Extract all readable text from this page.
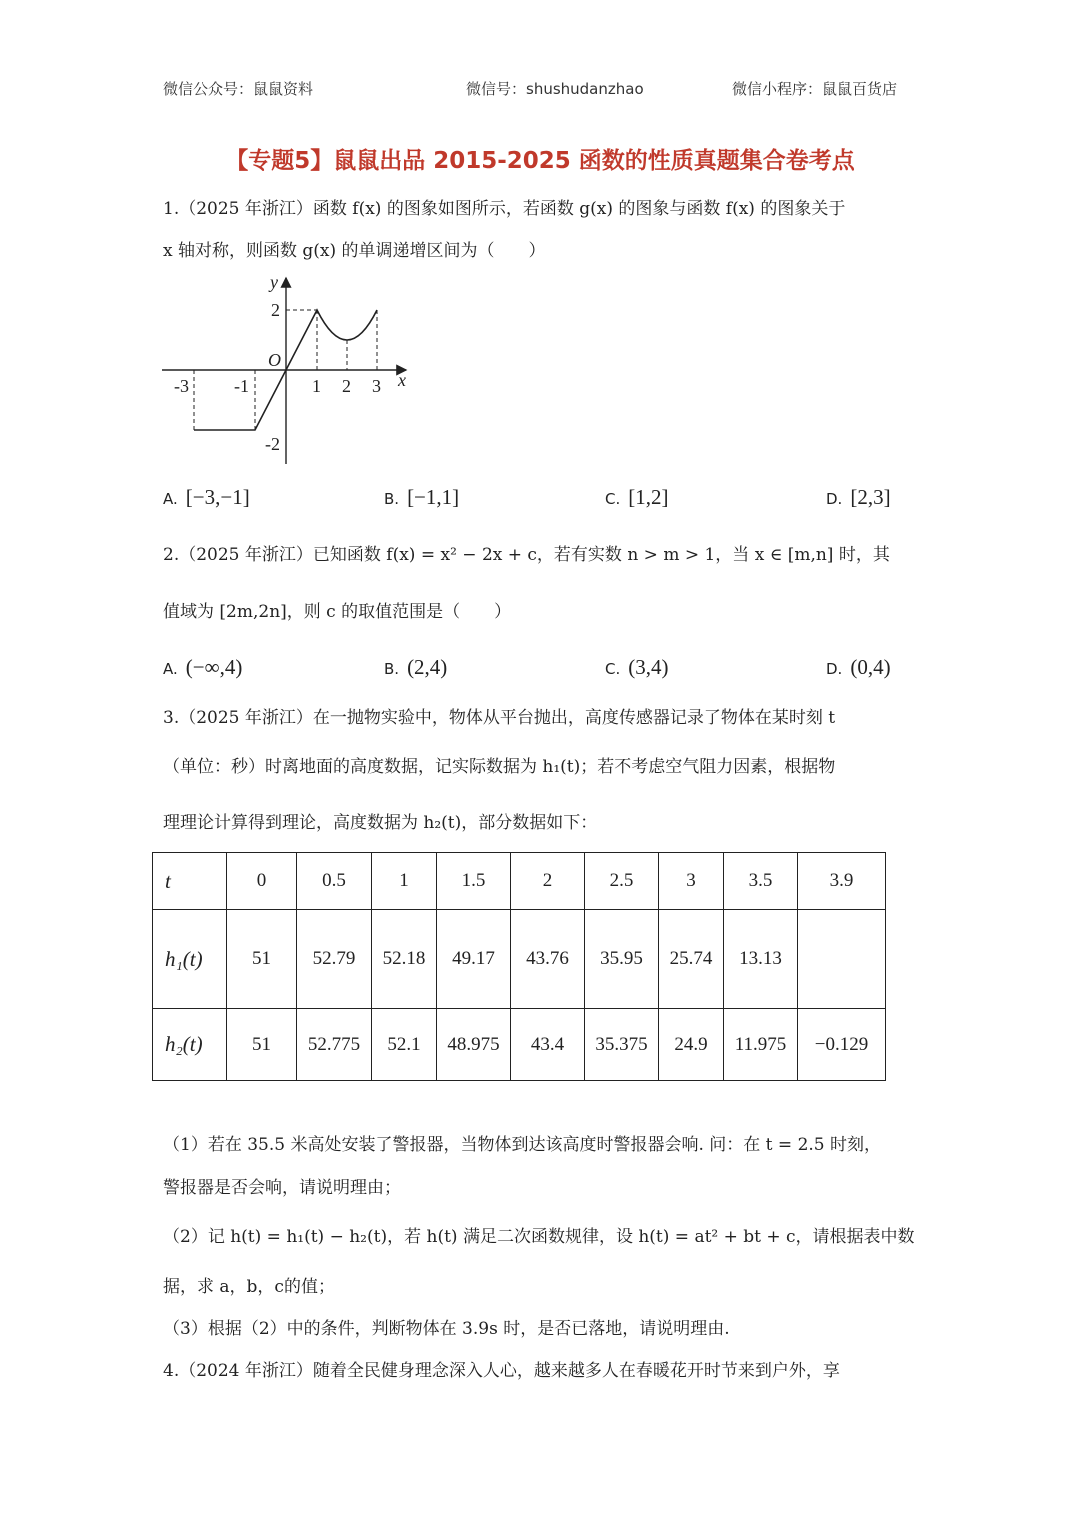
微信公众号：鼠鼠资料	微信号：shushudanzhao	微信小程序：鼠鼠百货店
【专题5】鼠鼠出品 2015-2025 函数的性质真题集合卷考点
1.（2025 年浙江）函数 f(x) 的图象如图所示，若函数 g(x) 的图象与函数 f(x) 的图象关于
x 轴对称，则函数 g(x) 的单调递增区间为（　　）
y
x
O
2
-2
-3	-1	1 2 3
A. [−3,−1]	B. [−1,1]	C. [1,2]	D. [2,3]
2.（2025 年浙江）已知函数 f(x) = x² − 2x + c，若有实数 n > m > 1，当 x ∈ [m,n] 时，其
值域为 [2m,2n]，则 c 的取值范围是（　　）
A. (−∞,4)	B. (2,4)	C. (3,4)	D. (0,4)
3.（2025 年浙江）在一抛物实验中，物体从平台抛出，高度传感器记录了物体在某时刻 t
（单位：秒）时离地面的高度数据，记实际数据为 h₁(t)；若不考虑空气阻力因素，根据物
理理论计算得到理论，高度数据为 h₂(t)，部分数据如下：
t	0	0.5	1	1.5	2	2.5	3	3.5	3.9
h₁(t)	51	52.79	52.18	49.17	43.76	35.95	25.74	13.13	
h₂(t)	51	52.775	52.1	48.975	43.4	35.375	24.9	11.975	−0.129
（1）若在 35.5 米高处安装了警报器，当物体到达该高度时警报器会响. 问：在 t = 2.5 时刻，
警报器是否会响，请说明理由；
（2）记 h(t) = h₁(t) − h₂(t)，若 h(t) 满足二次函数规律，设 h(t) = at² + bt + c，请根据表中数
据，求 a，b，c的值；
（3）根据（2）中的条件，判断物体在 3.9s 时，是否已落地，请说明理由.
4.（2024 年浙江）随着全民健身理念深入人心，越来越多人在春暖花开时节来到户外，享
